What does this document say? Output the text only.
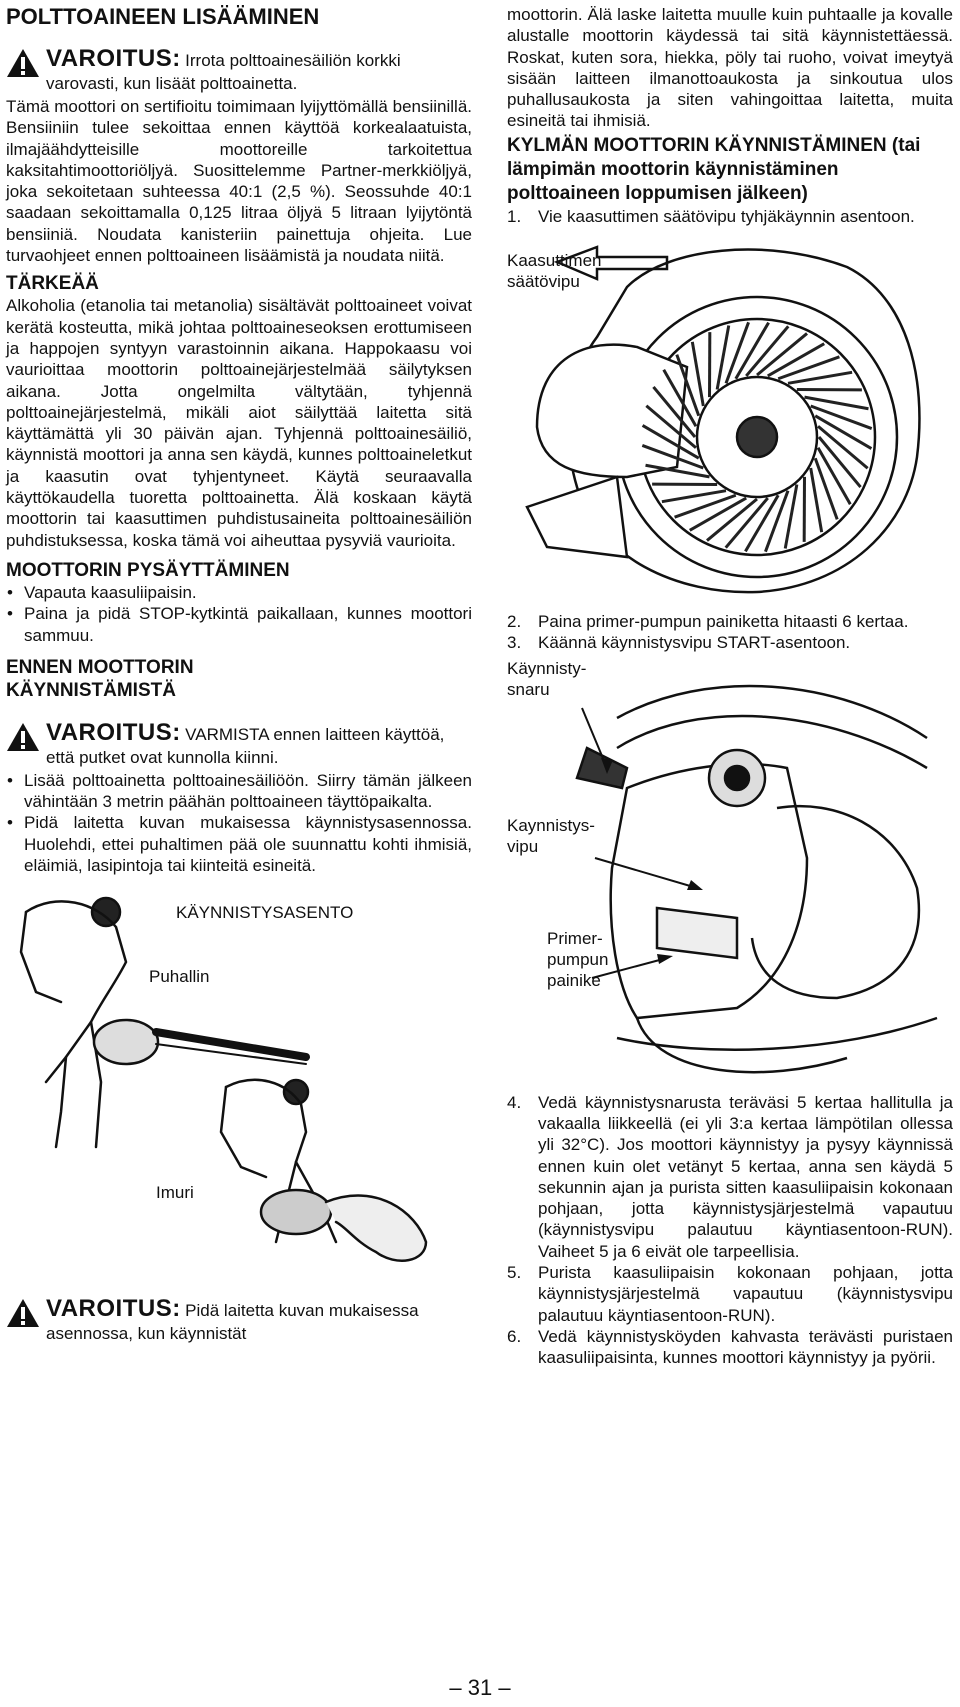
POLTTOAINEEN LISÄÄMINEN
VAROITUS: Irrota polttoainesäiliön korkki varovasti, kun lisäät polttoainetta.

Tämä moottori on sertifioitu toimimaan lyijyttömällä bensiinillä. Bensiiniin tulee sekoittaa ennen käyttöä korkealaatuista, ilmajäähdytteisille moottoreille tarkoitettua kaksitahtimoottoriöljyä. Suosittelemme Partner-merkkiöljyä, joka sekoitetaan suhteessa 40:1 (2,5 %). Seossuhde 40:1 saadaan sekoittamalla 0,125 litraa öljyä 5 litraan lyijytöntä bensiiniä. Noudata kanisteriin painettuja ohjeita. Lue turvaohjeet ennen polttoaineen lisäämistä ja noudata niitä.

TÄRKEÄÄ

Alkoholia (etanolia tai metanolia) sisältävät polttoaineet voivat kerätä kosteutta, mikä johtaa polttoaineseoksen erottumiseen ja happojen syntyyn varastoinnin aikana. Happokaasu voi vaurioittaa moottorin polttoainejärjestelmää säilytyksen aikana. Jotta ongelmilta vältytään, tyhjennä polttoainejärjestelmä, mikäli aiot säilyttää laitetta sitä käyttämättä yli 30 päivän ajan. Tyhjennä polttoainesäiliö, käynnistä moottori ja anna sen käydä, kunnes polttoaineletkut ja kaasutin ovat tyhjentyneet. Käytä seuraavalla käyttökaudella tuoretta polttoainetta. Älä koskaan käytä moottorin tai kaasuttimen puhdistusaineita polttoainesäiliön puhdistuksessa, koska tämä voi aiheuttaa pysyviä vaurioita.

MOOTTORIN PYSÄYTTÄMINEN
• Vapauta kaasuliipaisin.
• Paina ja pidä STOP-kytkintä paikallaan, kunnes moottori sammuu.
ENNEN MOOTTORIN
KÄYNNISTÄMISTÄ
VAROITUS: VARMISTA ennen laitteen käyttöä, että putket ovat kunnolla kiinni.
• Lisää polttoainetta polttoainesäiliöön. Siirry tämän jälkeen vähintään 3 metrin päähän polttoaineen täyttöpaikalta.
• Pidä laitetta kuvan mukaisessa käynnistysasennossa. Huolehdi, ettei puhaltimen pää ole suunnattu kohti ihmisiä, eläimiä, lasipintoja tai kiinteitä esineitä.
KÄYNNISTYSASENTO
Puhallin
Imuri
VAROITUS: Pidä laitetta kuvan mukaisessa asennossa, kun käynnistät

moottorin. Älä laske laitetta muulle kuin puhtaalle ja kovalle alustalle moottorin käydessä tai sitä käynnistettäessä. Roskat, kuten sora, hiekka, pöly tai ruoho, voivat imeytyä sisään laitteen ilmanottoaukosta ja sinkoutua ulos puhallusaukosta ja siten vahingoittaa laitetta, muita esineitä tai ihmisiä.

KYLMÄN MOOTTORIN KÄYNNISTÄMINEN (tai lämpimän moottorin käynnistäminen polttoaineen loppumisen jälkeen)
1. Vie kaasuttimen säätövipu tyhjäkäynnin asentoon.
Kaasuttimen
säätövipu
2. Paina primer-pumpun painiketta hitaasti 6 kertaa.
3. Käännä käynnistysvipu START-asentoon.
Käynnisty-
snaru
Kaynnistys-
vipu
Primer-
pumpun
painike
4. Vedä käynnistysnarusta teräväsi 5 kertaa hallitulla ja vakaalla liikkeellä (ei yli 3:a kertaa lämpötilan ollessa yli 32°C). Jos moottori käynnistyy ja pysyy käynnissä ennen kuin olet vetänyt 5 kertaa, anna sen käydä 5 sekunnin ajan ja purista sitten kaasuliipaisin kokonaan pohjaan, jotta käynnistysjärjestelmä vapautuu (käynnistysvipu palautuu käyntiasentoon-RUN). Vaiheet 5 ja 6 eivät ole tarpeellisia.
5. Purista kaasuliipaisin kokonaan pohjaan, jotta käynnistysjärjestelmä vapautuu (käynnistysvipu palautuu käyntiasentoon-RUN).
6. Vedä käynnistysköyden kahvasta terävästi puristaen kaasuliipaisinta, kunnes moottori käynnistyy ja pyörii.
– 31 –
